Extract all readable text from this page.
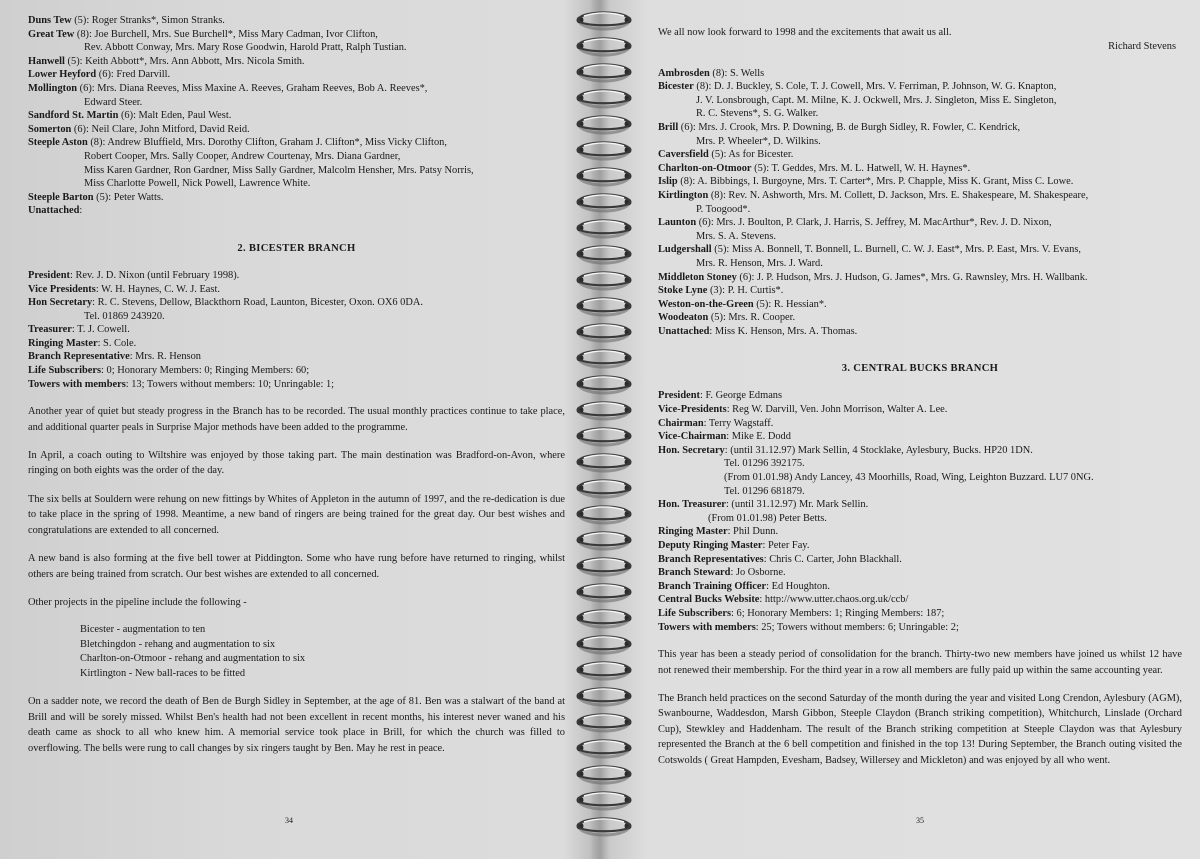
Duns Tew (5): Roger Stranks*, Simon Stranks.
Great Tew (8): Joe Burchell, Mrs. Sue Burchell*, Miss Mary Cadman, Ivor Clifton,
Rev. Abbott Conway, Mrs. Mary Rose Goodwin, Harold Pratt, Ralph Tustian.
Hanwell (5): Keith Abbott*, Mrs. Ann Abbott, Mrs. Nicola Smith.
Lower Heyford (6): Fred Darvill.
Mollington (6): Mrs. Diana Reeves, Miss Maxine A. Reeves, Graham Reeves, Bob A. Reeves*,
Edward Steer.
Sandford St. Martin (6): Malt Eden, Paul West.
Somerton (6): Neil Clare, John Mitford, David Reid.
Steeple Aston (8): Andrew Bluffield, Mrs. Dorothy Clifton, Graham J. Clifton*, Miss Vicky Clifton,
Robert Cooper, Mrs. Sally Cooper, Andrew Courtenay, Mrs. Diana Gardner,
Miss Karen Gardner, Ron Gardner, Miss Sally Gardner, Malcolm Hensher, Mrs. Patsy Norris,
Miss Charlotte Powell, Nick Powell, Lawrence White.
Steeple Barton (5): Peter Watts.
Unattached:
2. BICESTER BRANCH
President: Rev. J. D. Nixon (until February 1998).
Vice Presidents: W. H. Haynes, C. W. J. East.
Hon Secretary: R. C. Stevens, Dellow, Blackthorn Road, Launton, Bicester, Oxon. OX6 0DA.
Tel. 01869 243920.
Treasurer: T. J. Cowell.
Ringing Master: S. Cole.
Branch Representative: Mrs. R. Henson
Life Subscribers: 0; Honorary Members: 0; Ringing Members: 60;
Towers with members: 13; Towers without members: 10; Unringable: 1;

Another year of quiet but steady progress in the Branch has to be recorded. The usual monthly practices continue to take place, and additional quarter peals in Surprise Major methods have been added to the programme.

In April, a coach outing to Wiltshire was enjoyed by those taking part. The main destination was Bradford-on-Avon, where ringing on both eights was the order of the day.

The six bells at Souldern were rehung on new fittings by Whites of Appleton in the autumn of 1997, and the re-dedication is due to take place in the spring of 1998. Meantime, a new band of ringers are being trained for the great day. Our best wishes and congratulations are extended to all concerned.

A new band is also forming at the five bell tower at Piddington. Some who have rung before have returned to ringing, whilst others are being trained from scratch. Our best wishes are extended to all concerned.

Other projects in the pipeline include the following -

Bicester - augmentation to ten
Bletchingdon - rehang and augmentation to six
Charlton-on-Otmoor - rehang and augmentation to six
Kirtlington - New ball-races to be fitted

On a sadder note, we record the death of Ben de Burgh Sidley in September, at the age of 81. Ben was a stalwart of the band at Brill and will be sorely missed. Whilst Ben's health had not been excellent in recent months, his interest never waned and his death came as shock to all who knew him. A memorial service took place in Brill, for which the church was filled to overflowing. The bells were rung to call changes by six ringers taught by Ben. May he rest in peace.

34
We all now look forward to 1998 and the excitements that await us all.
Richard Stevens
Ambrosden (8): S. Wells
Bicester (8): D. J. Buckley, S. Cole, T. J. Cowell, Mrs. V. Ferriman, P. Johnson, W. G. Knapton,
J. V. Lonsbrough, Capt. M. Milne, K. J. Ockwell, Mrs. J. Singleton, Miss E. Singleton,
R. C. Stevens*, S. G. Walker.
Brill (6): Mrs. J. Crook, Mrs. P. Downing, B. de Burgh Sidley, R. Fowler, C. Kendrick,
Mrs. P. Wheeler*, D. Wilkins.
Caversfield (5): As for Bicester.
Charlton-on-Otmoor (5): T. Geddes, Mrs. M. L. Hatwell, W. H. Haynes*.
Islip (8): A. Bibbings, I. Burgoyne, Mrs. T. Carter*, Mrs. P. Chapple, Miss K. Grant, Miss C. Lowe.
Kirtlington (8): Rev. N. Ashworth, Mrs. M. Collett, D. Jackson, Mrs. E. Shakespeare, M. Shakespeare,
P. Toogood*.
Launton (6): Mrs. J. Boulton, P. Clark, J. Harris, S. Jeffrey, M. MacArthur*, Rev. J. D. Nixon,
Mrs. S. A. Stevens.
Ludgershall (5): Miss A. Bonnell, T. Bonnell, L. Burnell, C. W. J. East*, Mrs. P. East, Mrs. V. Evans,
Mrs. R. Henson, Mrs. J. Ward.
Middleton Stoney (6): J. P. Hudson, Mrs. J. Hudson, G. James*, Mrs. G. Rawnsley, Mrs. H. Wallbank.
Stoke Lyne (3): P. H. Curtis*.
Weston-on-the-Green (5): R. Hessian*.
Woodeaton (5): Mrs. R. Cooper.
Unattached: Miss K. Henson, Mrs. A. Thomas.
3. CENTRAL BUCKS BRANCH
President: F. George Edmans
Vice-Presidents: Reg W. Darvill, Ven. John Morrison, Walter A. Lee.
Chairman: Terry Wagstaff.
Vice-Chairman: Mike E. Dodd
Hon. Secretary: (until 31.12.97) Mark Sellin, 4 Stocklake, Aylesbury, Bucks. HP20 1DN.
Tel. 01296 392175.
(From 01.01.98) Andy Lancey, 43 Moorhills, Road, Wing, Leighton Buzzard. LU7 0NG.
Tel. 01296 681879.
Hon. Treasurer: (until 31.12.97) Mr. Mark Sellin.
(From 01.01.98) Peter Betts.
Ringing Master: Phil Dunn.
Deputy Ringing Master: Peter Fay.
Branch Representatives: Chris C. Carter, John Blackhall.
Branch Steward: Jo Osborne.
Branch Training Officer: Ed Houghton.
Central Bucks Website: http://www.utter.chaos.org.uk/ccb/
Life Subscribers: 6; Honorary Members: 1; Ringing Members: 187;
Towers with members: 25; Towers without members: 6; Unringable: 2;

This year has been a steady period of consolidation for the branch. Thirty-two new members have joined us whilst 12 have not renewed their membership. For the third year in a row all members are fully paid up within the same accounting year.

The Branch held practices on the second Saturday of the month during the year and visited Long Crendon, Aylesbury (AGM), Swanbourne, Waddesdon, Marsh Gibbon, Steeple Claydon (Branch striking competition), Whitchurch, Linslade (Orchard Cup), Stewkley and Haddenham. The result of the Branch striking competition at Steeple Claydon was that Aylesbury represented the Branch at the 6 bell competition and finished in the top 13! During September, the Branch outing visited the Cotswolds ( Great Hampden, Evesham, Badsey, Willersey and Mickleton) and was enjoyed by all who went.

35
